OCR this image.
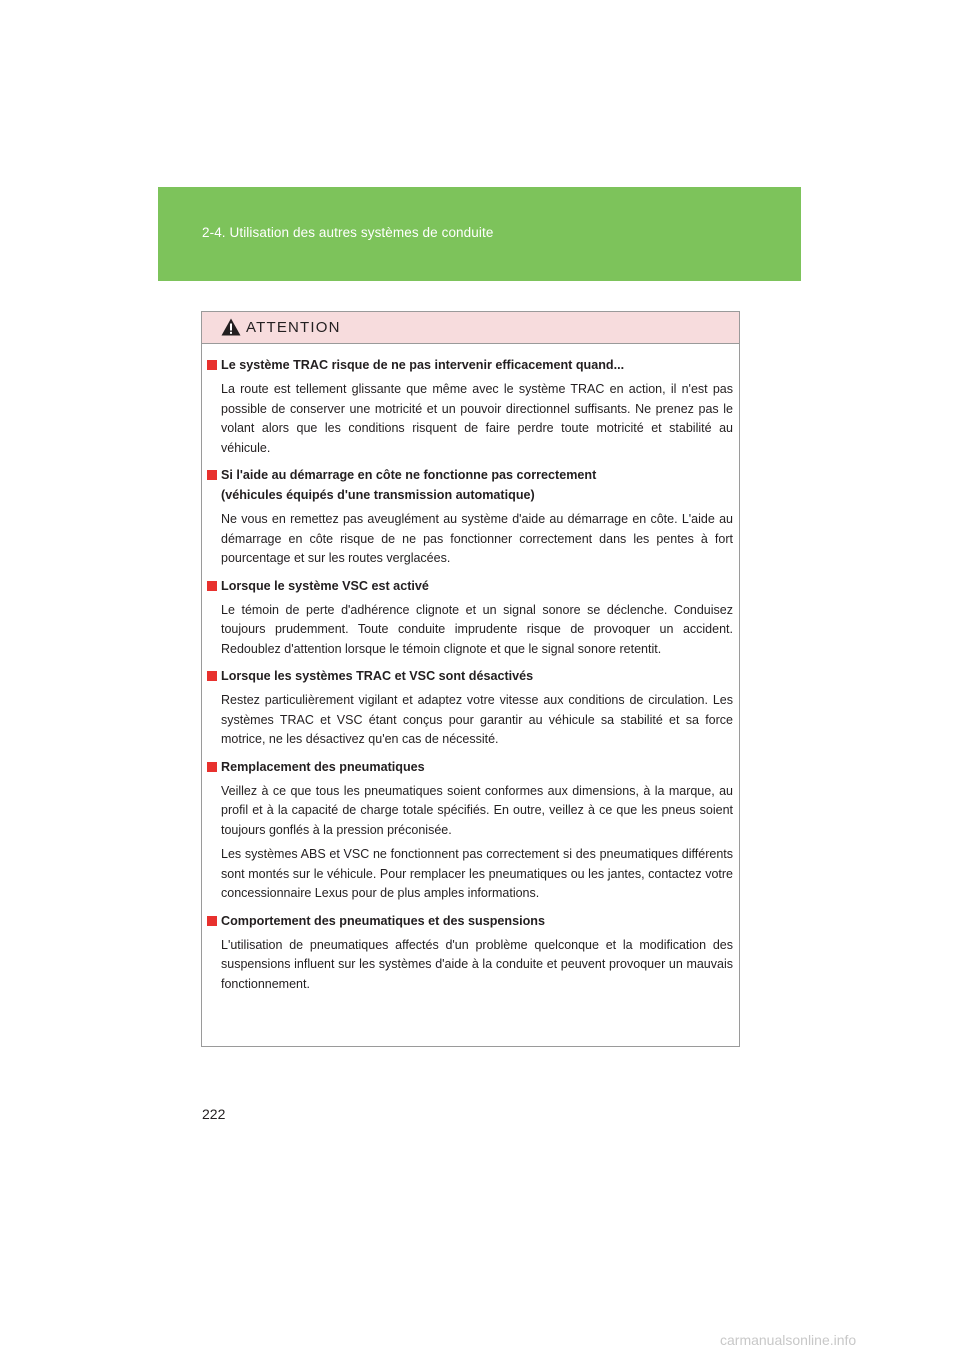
2-4. Utilisation des autres systèmes de conduite
ATTENTION
Le système TRAC risque de ne pas intervenir efficacement quand...

La route est tellement glissante que même avec le système TRAC en action, il n'est pas possible de conserver une motricité et un pouvoir directionnel suffisants. Ne prenez pas le volant alors que les conditions risquent de faire perdre toute motricité et stabilité au véhicule.

Si l'aide au démarrage en côte ne fonctionne pas correctement
(véhicules équipés d'une transmission automatique)

Ne vous en remettez pas aveuglément au système d'aide au démarrage en côte. L'aide au démarrage en côte risque de ne pas fonctionner correctement dans les pentes à fort pourcentage et sur les routes verglacées.

Lorsque le système VSC est activé

Le témoin de perte d'adhérence clignote et un signal sonore se déclenche. Conduisez toujours prudemment. Toute conduite imprudente risque de provoquer un accident. Redoublez d'attention lorsque le témoin clignote et que le signal sonore retentit.

Lorsque les systèmes TRAC et VSC sont désactivés

Restez particulièrement vigilant et adaptez votre vitesse aux conditions de circulation. Les systèmes TRAC et VSC étant conçus pour garantir au véhicule sa stabilité et sa force motrice, ne les désactivez qu'en cas de nécessité.

Remplacement des pneumatiques

Veillez à ce que tous les pneumatiques soient conformes aux dimensions, à la marque, au profil et à la capacité de charge totale spécifiés. En outre, veillez à ce que les pneus soient toujours gonflés à la pression préconisée.

Les systèmes ABS et VSC ne fonctionnent pas correctement si des pneumatiques différents sont montés sur le véhicule. Pour remplacer les pneumatiques ou les jantes, contactez votre concessionnaire Lexus pour de plus amples informations.

Comportement des pneumatiques et des suspensions

L'utilisation de pneumatiques affectés d'un problème quelconque et la modification des suspensions influent sur les systèmes d'aide à la conduite et peuvent provoquer un mauvais fonctionnement.

222
carmanualsonline.info
